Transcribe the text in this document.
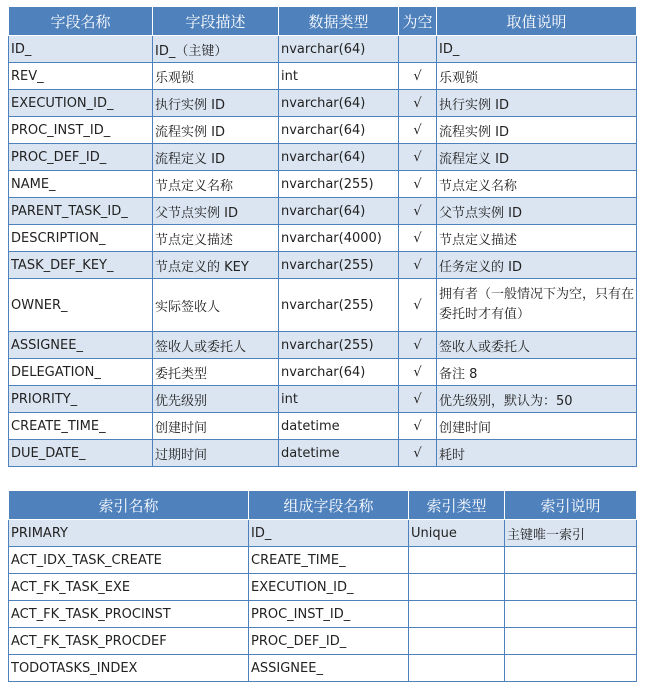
字段名称	字段描述	数据类型	为空	取值说明
ID_	ID_（主键）	nvarchar(64)		ID_
REV_	乐观锁	int	√	乐观锁
EXECUTION_ID_	执行实例 ID	nvarchar(64)	√	执行实例 ID
PROC_INST_ID_	流程实例 ID	nvarchar(64)	√	流程实例 ID
PROC_DEF_ID_	流程定义 ID	nvarchar(64)	√	流程定义 ID
NAME_	节点定义名称	nvarchar(255)	√	节点定义名称
PARENT_TASK_ID_	父节点实例 ID	nvarchar(64)	√	父节点实例 ID
DESCRIPTION_	节点定义描述	nvarchar(4000)	√	节点定义描述
TASK_DEF_KEY_	节点定义的 KEY	nvarchar(255)	√	任务定义的 ID
OWNER_	实际签收人	nvarchar(255)	√	拥有者（一般情况下为空，只有在委托时才有值）
ASSIGNEE_	签收人或委托人	nvarchar(255)	√	签收人或委托人
DELEGATION_	委托类型	nvarchar(64)	√	备注 8
PRIORITY_	优先级别	int	√	优先级别，默认为：50
CREATE_TIME_	创建时间	datetime	√	创建时间
DUE_DATE_	过期时间	datetime	√	耗时
索引名称	组成字段名称	索引类型	索引说明
PRIMARY	ID_	Unique	主键唯一索引
ACT_IDX_TASK_CREATE	CREATE_TIME_		
ACT_FK_TASK_EXE	EXECUTION_ID_		
ACT_FK_TASK_PROCINST	PROC_INST_ID_		
ACT_FK_TASK_PROCDEF	PROC_DEF_ID_		
TODOTASKS_INDEX	ASSIGNEE_		
